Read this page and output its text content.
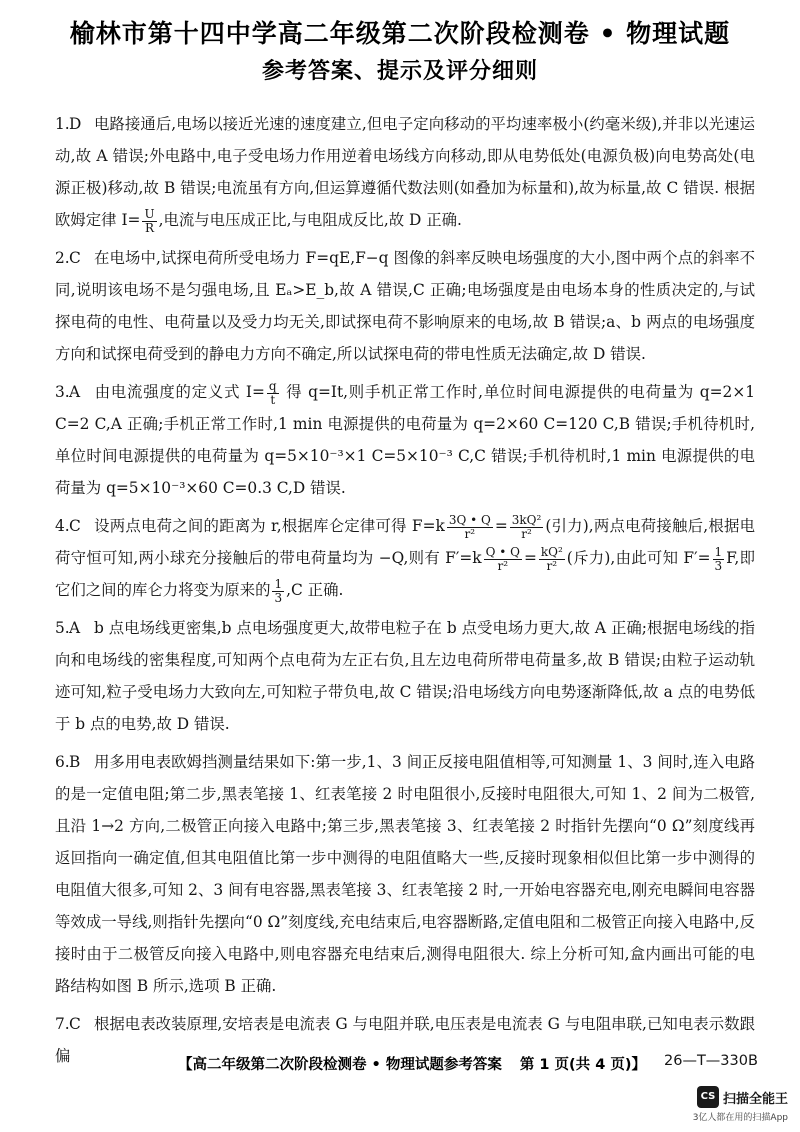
榆林市第十四中学高二年级第二次阶段检测卷 • 物理试题
参考答案、提示及评分细则
1.D 电路接通后,电场以接近光速的速度建立,但电子定向移动的平均速率极小(约毫米级),并非以光速运动,故 A 错误;外电路中,电子受电场力作用逆着电场线方向移动,即从电势低处(电源负极)向电势高处(电源正极)移动,故 B 错误;电流虽有方向,但运算遵循代数法则(如叠加为标量和),故为标量,故 C 错误. 根据欧姆定律 $I= \frac{U}{R}$ ,电流与电压成正比,与电阻成反比,故 D 正确.
2.C 在电场中,试探电荷所受电场力 F=qE,F−q 图像的斜率反映电场强度的大小,图中两个点的斜率不同,说明该电场不是匀强电场,且 Eₐ>E_b,故 A 错误,C 正确;电场强度是由电场本身的性质决定的,与试探电荷的电性、电荷量以及受力均无关,即试探电荷不影响原来的电场,故 B 错误;a、b 两点的电场强度方向和试探电荷受到的静电力方向不确定,所以试探电荷的带电性质无法确定,故 D 错误.
3.A 由电流强度的定义式 $I= \frac{q}{t}$ 得 q=It,则手机正常工作时,单位时间电源提供的电荷量为 q=2×1 C=2 C,A 正确;手机正常工作时,1 min 电源提供的电荷量为 q=2×60 C=120 C,B 错误;手机待机时,单位时间电源提供的电荷量为 q=5×10⁻³×1 C=5×10⁻³ C,C 错误;手机待机时,1 min 电源提供的电荷量为 q=5×10⁻³×60 C=0.3 C,D 错误.
4.C 设两点电荷之间的距离为 r,根据库仑定律可得 $F=k \frac{3Q • Q}{\text{r²}} = \frac{\text{3kQ²}}{\text{r²}}$ (引力),两点电荷接触后,根据电荷守恒可知,两小球充分接触后的带电荷量均为 −Q,则有 $F'=k \frac{Q • Q}{\text{r²}} = \frac{\text{kQ²}}{\text{r²}}$ (斥力),由此可知 $F'= \frac{1}{3} F$,即它们之间的库仑力将变为原来的 $\frac{1}{3} ,C$ 正确.
5.A b 点电场线更密集,b 点电场强度更大,故带电粒子在 b 点受电场力更大,故 A 正确;根据电场线的指向和电场线的密集程度,可知两个点电荷为左正右负,且左边电荷所带电荷量多,故 B 错误;由粒子运动轨迹可知,粒子受电场力大致向左,可知粒子带负电,故 C 错误;沿电场线方向电势逐渐降低,故 a 点的电势低于 b 点的电势,故 D 错误.
6.B 用多用电表欧姆挡测量结果如下:第一步,1、3 间正反接电阻值相等,可知测量 1、3 间时,连入电路的是一定值电阻;第二步,黑表笔接 1、红表笔接 2 时电阻很小,反接时电阻很大,可知 1、2 间为二极管,且沿 1→2 方向,二极管正向接入电路中;第三步,黑表笔接 3、红表笔接 2 时指针先摆向“0 Ω”刻度线再返回指向一确定值,但其电阻值比第一步中测得的电阻值略大一些,反接时现象相似但比第一步中测得的电阻值大很多,可知 2、3 间有电容器,黑表笔接 3、红表笔接 2 时,一开始电容器充电,刚充电瞬间电容器等效成一导线,则指针先摆向“0 Ω”刻度线,充电结束后,电容器断路,定值电阻和二极管正向接入电路中,反接时由于二极管反向接入电路中,则电容器充电结束后,测得电阻很大. 综上分析可知,盒内画出可能的电路结构如图 B 所示,选项 B 正确.
7.C 根据电表改装原理,安培表是电流表 G 与电阻并联,电压表是电流表 G 与电阻串联,已知电表示数跟偏	【高二年级第二次阶段检测卷 • 物理试题参考答案 第 1 页(共 4 页)】 26—T—330B
CS 扫描全能王
3亿人都在用的扫描App
